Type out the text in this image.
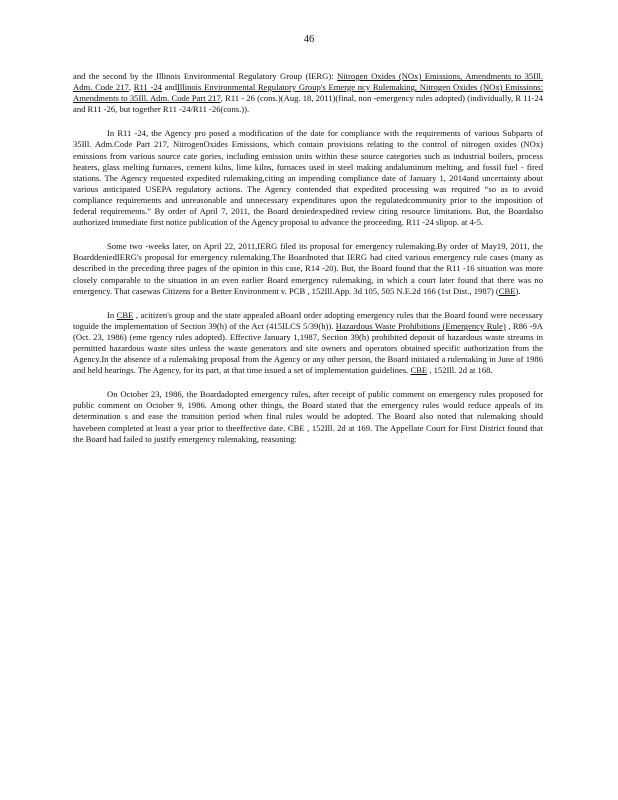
46

and the second by the Illinois Environmental Regulatory Group (IERG): Nitrogen Oxides (NOx) Emissions, Amendments to 35Ill. Adm. Code 217, R11 -24 andIllinois Environmental Regulatory Group's Emerge ncy Rulemaking, Nitrogen Oxides (NOx) Emissions: Amendments to 35Ill. Adm. Code Part 217, R11 - 26 (cons.)(Aug. 18, 2011)(final, non -emergency rules adopted) (individually, R 11-24 and R11 -26, but together R11 -24/R11 -26(cons.)).

In R11 -24, the Agency pro posed a modification of the date for compliance with the requirements of various Subparts of 35Ill. Adm.Code Part 217, NitrogenOxides Emissions, which contain provisions relating to the control of nitrogen oxides (NOx) emissions from various source cate gories, including emission units within these source categories such as industrial boilers, process heaters, glass melting furnaces, cement kilns, lime kilns, furnaces used in steel making andaluminum melting, and fossil fuel - fired stations. The Agency requested expedited rulemaking,citing an impending compliance date of January 1, 2014and uncertainty about various anticipated USEPA regulatory actions. The Agency contended that expedited processing was required “so as to avoid compliance requirements and unreasonable and unnecessary expenditures upon the regulatedcommunity prior to the imposition of federal requirements.” By order of April 7, 2011, the Board deniedexpedited review citing resource limitations. But, the Boardalso authorized immediate first notice publication of the Agency proposal to advance the proceeding. R11 -24 slipop. at 4-5.

Some two -weeks later, on April 22, 2011,IERG filed its proposal for emergency rulemaking.By order of May19, 2011, the BoarddeniedIERG's proposal for emergency rulemaking.The Boardnoted that IERG had cited various emergency rule cases (many as described in the preceding three pages of the opinion in this case, R14 -20). But, the Board found that the R11 -16 situation was more closely comparable to the situation in an even earlier Board emergency rulemaking, in which a court later found that there was no emergency. That casewas Citizens for a Better Environment v. PCB , 152Ill.App. 3d 105, 505 N.E.2d 166 (1st Dist., 1987) (CBE).

In CBE , acitizen's group and the state appealed aBoard order adopting emergency rules that the Board found were necessary toguide the implementation of Section 39(h) of the Act (415ILCS 5/39(h)). Hazardous Waste Prohibitions (Emergency Rule) , R86 -9A (Oct. 23, 1986) (eme rgency rules adopted). Effective January 1,1987, Section 39(h) prohibited deposit of hazardous waste streams in permitted hazardous waste sites unless the waste generators and site owners and operators obtained specific authorization from the Agency.In the absence of a rulemaking proposal from the Agency or any other person, the Board initiated a rulemaking in June of 1986 and held hearings. The Agency, for its part, at that time issued a set of implementation guidelines. CBE , 152Ill. 2d at 168.

On October 23, 1986, the Boardadopted emergency rules, after receipt of public comment on emergency rules proposed for public comment on October 9, 1986. Among other things, the Board stated that the emergency rules would reduce appeals of its determination s and ease the transition period when final rules would be adopted. The Board also noted that rulemaking should havebeen completed at least a year prior to theeffective date. CBE , 152Ill. 2d at 169. The Appellate Court for First District found that the Board had failed to justify emergency rulemaking, reasoning:
